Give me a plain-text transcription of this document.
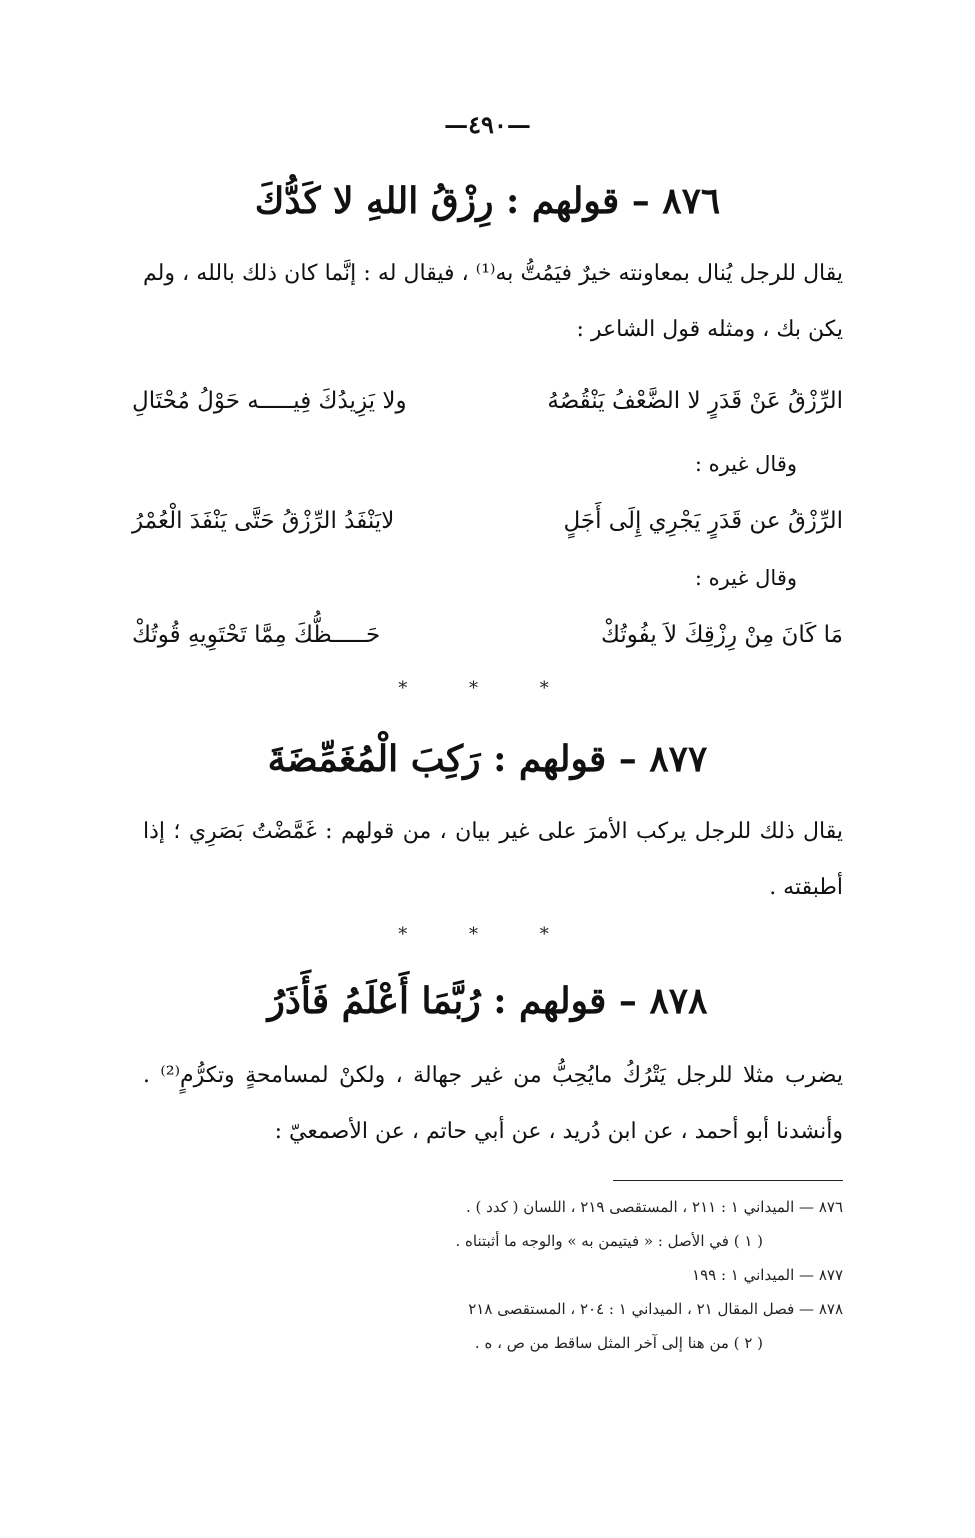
—٤٩٠—
٨٧٦ – قولهم : رِزْقُ اللهِ لا كَدُّكَ
يقال للرجل يُنال بمعاونته خيرٌ فيَمُتُّ به⁽¹⁾ ، فيقال له : إنَّما كان ذلك بالله ، ولم يكن بك ، ومثله قول الشاعر :
الرِّزْقُ عَنْ قَدَرٍ لا الضَّعْفُ يَنْقُصُهُ
ولا يَزِيدُكَ فِيـــــه حَوْلُ مُحْتَالِ
وقال غيره :
الرِّزْقُ عن قَدَرٍ يَجْرِي إِلَى أَجَلٍ
لايَنْفَدُ الرِّزْقُ حَتَّى يَنْفَدَ الْعُمْرُ
وقال غيره :
مَا كَانَ مِنْ رِزْقِكَ لاَ يفُوتُكْ
حَـــــظُّكَ مِمَّا تَحْتَوِيهِ قُوتُكْ
* * *
٨٧٧ – قولهم : رَكِبَ الْمُغَمِّضَةَ
يقال ذلك للرجل يركب الأمرَ على غير بيان ، من قولهم : غَمَّضْتُ بَصَرِي ؛ إذا أطبقته .
* * *
٨٧٨ – قولهم : رُبَّمَا أَعْلَمُ فَأَذَرُ
يضرب مثلا للرجل يَتْرُكُ مايُحِبُّ من غير جهالة ، ولكنْ لمسامحةٍ وتكرُّمٍ⁽²⁾ . وأنشدنا أبو أحمد ، عن ابن دُريد ، عن أبي حاتم ، عن الأصمعيّ :
٨٧٦ — الميداني ١ : ٢١١ ، المستقصى ٢١٩ ، اللسان ( كدد ) .
( ١ ) في الأصل : « فيتيمن به » والوجه ما أثبتناه .
٨٧٧ — الميداني ١ : ١٩٩
٨٧٨ — فصل المقال ٢١ ، الميداني ١ : ٢٠٤ ، المستقصى ٢١٨
( ٢ ) من هنا إلى آخر المثل ساقط من ص ، ه .
